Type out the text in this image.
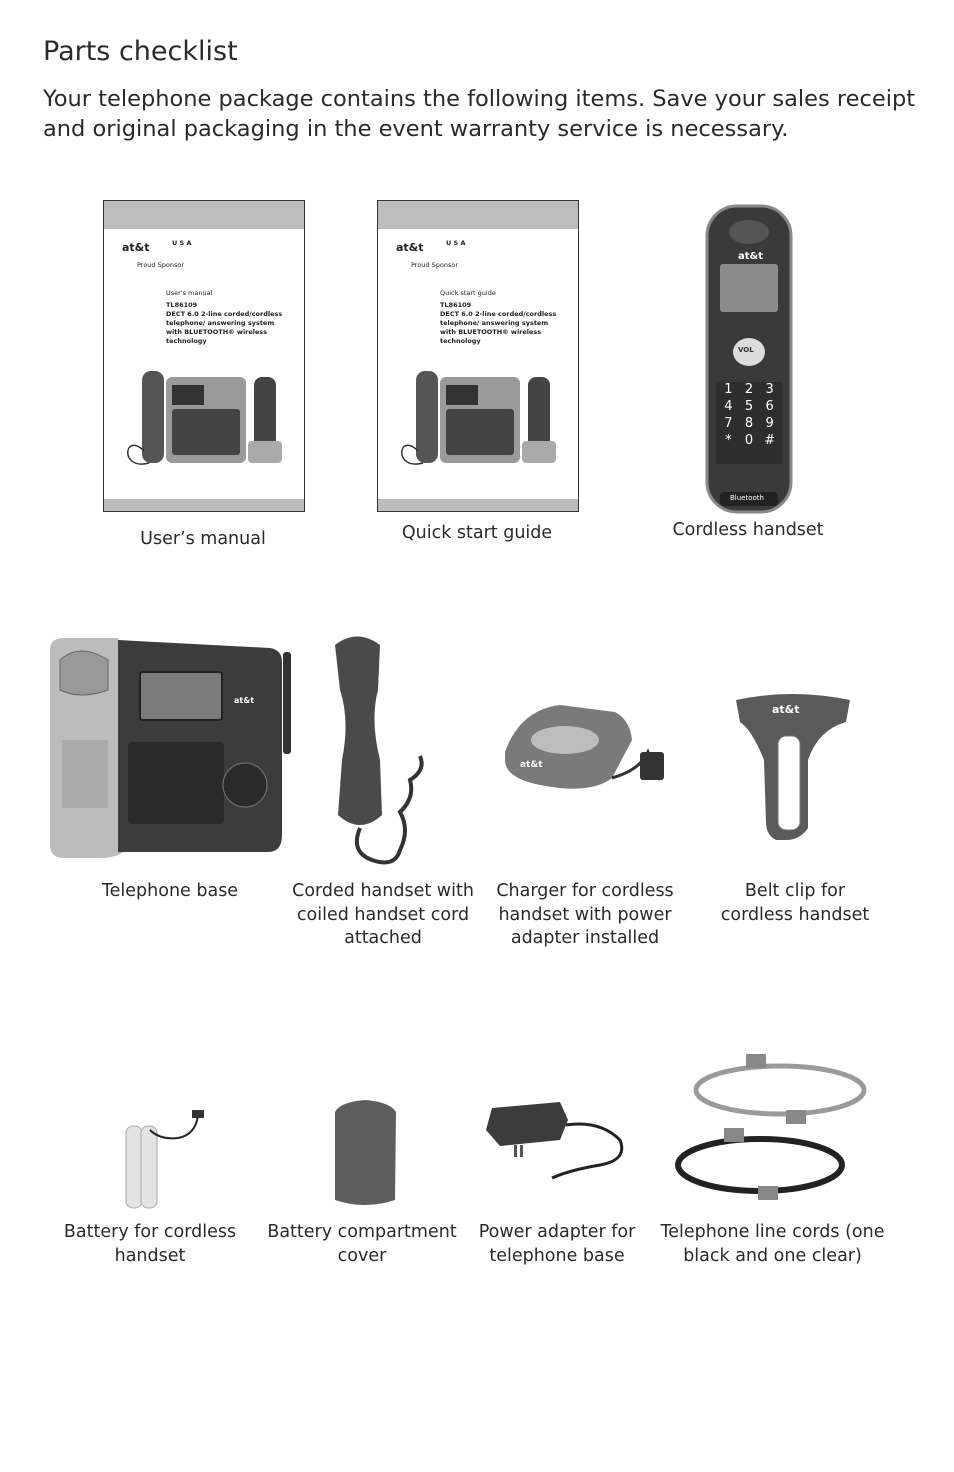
Parts checklist

Your telephone package contains the following items. Save your sales receipt and original packaging in the event warranty service is necessary.

at&t	U S A
Proud Sponsor
User's manual
TL86109
DECT 6.0 2-line corded/cordless telephone/ answering system with BLUETOOTH® wireless technology
User’s manual
at&t	U S A
Proud Sponsor
Quick start guide
TL86109
DECT 6.0 2-line corded/cordless telephone/ answering system with BLUETOOTH® wireless technology
Quick start guide
at&t
VOL
Bluetooth
1 2 3
4 5 6
7 8 9
*	0 #
Cordless handset
at&t
at&t
at&t
Telephone base	Corded handset with coiled handset cord attached
Charger for cordless handset with power adapter installed
Belt clip for cordless handset
Battery for cordless handset
Battery compartment cover
Power adapter for telephone base
Telephone line cords (one black and one clear)
